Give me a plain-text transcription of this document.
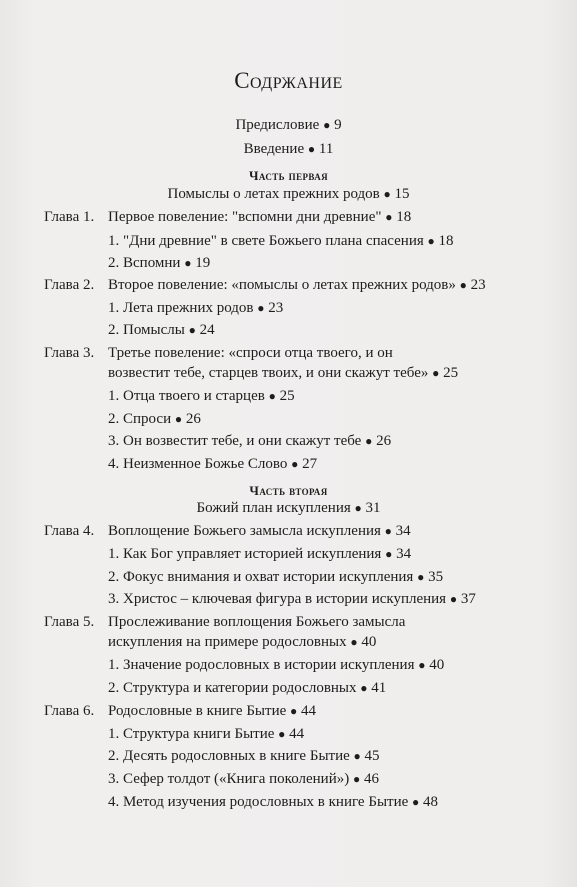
Содржание
Предисловие ● 9
Введение ● 11
Часть первая
Помыслы о летах прежних родов ● 15
Глава 1. Первое повеление: "вспомни дни древние" ● 18
1. "Дни древние" в свете Божьего плана спасения ● 18
2. Вспомни ● 19
Глава 2. Второе повеление: «помыслы о летах прежних родов» ● 23
1. Лета прежних родов ● 23
2. Помыслы ● 24
Глава 3. Третье повеление: «спроси отца твоего, и он
возвестит тебе, старцев твоих, и они скажут тебе» ● 25
1. Отца твоего и старцев ● 25
2. Спроси ● 26
3. Он возвестит тебе, и они скажут тебе ● 26
4. Неизменное Божье Слово ● 27
Часть вторая
Божий план искупления ● 31
Глава 4. Воплощение Божьего замысла искупления ● 34
1. Как Бог управляет историей искупления ● 34
2. Фокус внимания и охват истории искупления ● 35
3. Христос – ключевая фигура в истории искупления ● 37
Глава 5. Прослеживание воплощения Божьего замысла
искупления на примере родословных ● 40
1. Значение родословных в истории искупления ● 40
2. Структура и категории родословных ● 41
Глава 6. Родословные в книге Бытие ● 44
1. Структура книги Бытие ● 44
2. Десять родословных в книге Бытие ● 45
3. Сефер толдот («Книга поколений») ● 46
4. Метод изучения родословных в книге Бытие ● 48
